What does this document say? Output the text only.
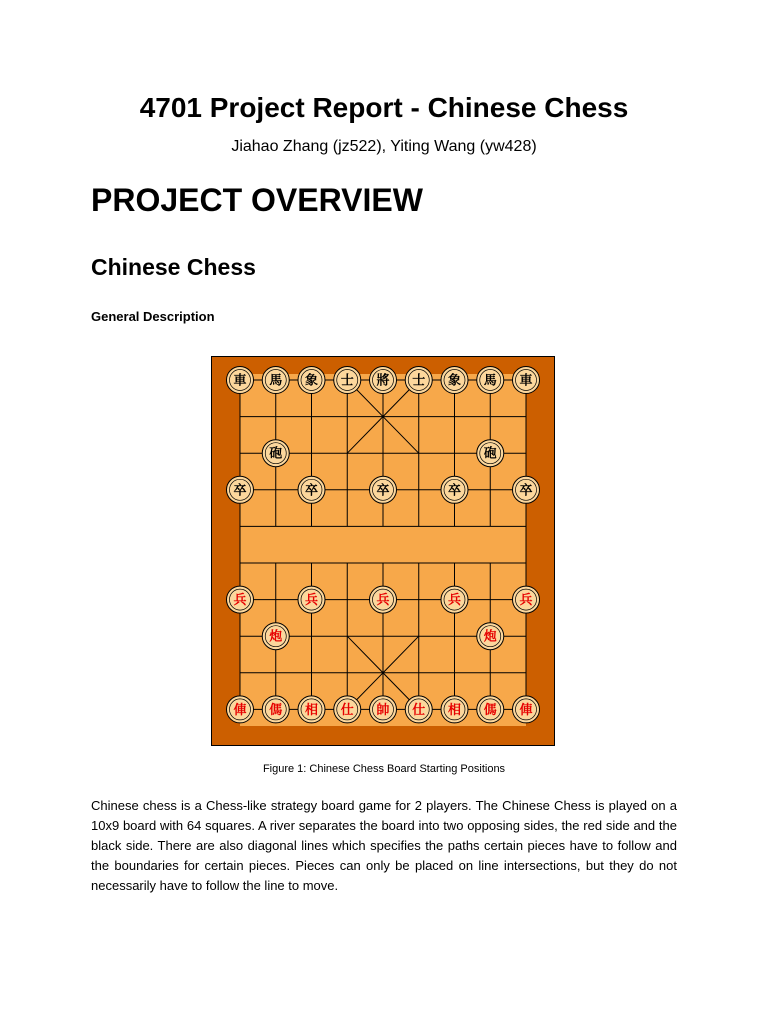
4701 Project Report - Chinese Chess

Jiahao Zhang (jz522), Yiting Wang (yw428)

PROJECT OVERVIEW
Chinese Chess
General Description
車 馬 象 士 將 士 象 馬 車
砲	砲
卒	卒	卒	卒	卒
兵	兵	兵	兵	兵
炮	炮
俥 傌 相 仕 帥 仕 相 傌 俥

Figure 1: Chinese Chess Board Starting Positions

Chinese chess is a Chess-like strategy board game for 2 players. The Chinese Chess is played on a 10x9 board with 64 squares. A river separates the board into two opposing sides, the red side and the black side. There are also diagonal lines which specifies the paths certain pieces have to follow and the boundaries for certain pieces. Pieces can only be placed on line intersections, but they do not necessarily have to follow the line to move.
